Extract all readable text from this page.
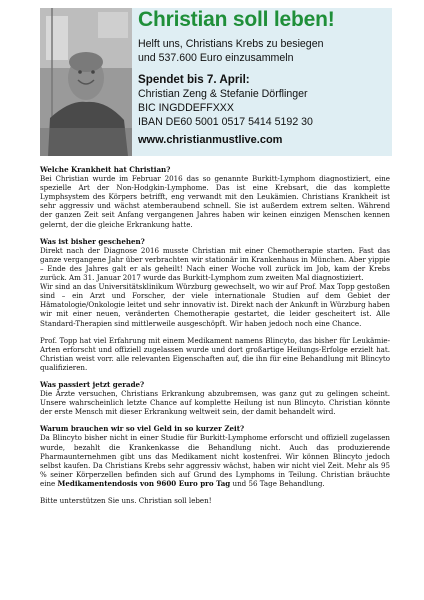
Christian soll leben!
Helft uns, Christians Krebs zu besiegen
und 537.600 Euro einzusammeln
Spendet bis 7. April:
Christian Zeng & Stefanie Dörflinger
BIC INGDDEFFXXX
IBAN DE60 5001 0517 5414 5192 30
www.christianmustlive.com
Welche Krankheit hat Christian?

Bei Christian wurde im Februar 2016 das so genannte Burkitt-Lymphom diagnostiziert, eine spezielle Art der Non-Hodgkin-Lymphome. Das ist eine Krebsart, die das komplette Lymphsystem des Körpers betrifft, eng verwandt mit den Leukämien. Christians Krankheit ist sehr aggressiv und wächst atemberaubend schnell. Sie ist außerdem extrem selten. Während der ganzen Zeit seit Anfang vergangenen Jahres haben wir keinen einzigen Menschen kennen gelernt, der die gleiche Erkrankung hatte.

Was ist bisher geschehen?

Direkt nach der Diagnose 2016 musste Christian mit einer Chemotherapie starten. Fast das ganze vergangene Jahr über verbrachten wir stationär im Krankenhaus in München. Aber yippie – Ende des Jahres galt er als geheilt! Nach einer Woche voll zurück im Job, kam der Krebs zurück. Am 31. Januar 2017 wurde das Burkitt-Lymphom zum zweiten Mal diagnostiziert.

Wir sind an das Universitätsklinikum Würzburg gewechselt, wo wir auf Prof. Max Topp gestoßen sind – ein Arzt und Forscher, der viele internationale Studien auf dem Gebiet der Hämatologie/Onkologie leitet und sehr innovativ ist. Direkt nach der Ankunft in Würzburg haben wir mit einer neuen, veränderten Chemotherapie gestartet, die leider gescheitert ist. Alle Standard-Therapien sind mittlerweile ausgeschöpft. Wir haben jedoch noch eine Chance.

Prof. Topp hat viel Erfahrung mit einem Medikament namens Blincyto, das bisher für Leukämie-Arten erforscht und offiziell zugelassen wurde und dort großartige Heilungs-Erfolge erzielt hat. Christian weist vorr. alle relevanten Eigenschaften auf, die ihn für eine Behandlung mit Blincyto qualifizieren.

Was passiert jetzt gerade?

Die Ärzte versuchen, Christians Erkrankung abzubremsen, was ganz gut zu gelingen scheint. Unsere wahrscheinlich letzte Chance auf komplette Heilung ist nun Blincyto. Christian könnte der erste Mensch mit dieser Erkrankung weltweit sein, der damit behandelt wird.

Warum brauchen wir so viel Geld in so kurzer Zeit?

Da Blincyto bisher nicht in einer Studie für Burkitt-Lymphome erforscht und offiziell zugelassen wurde, bezahlt die Krankenkasse die Behandlung nicht. Auch das produzierende Pharmaunternehmen gibt uns das Medikament nicht kostenfrei. Wir können Blincyto jedoch selbst kaufen. Da Christians Krebs sehr aggressiv wächst, haben wir nicht viel Zeit. Mehr als 95 % seiner Körperzellen befinden sich auf Grund des Lymphoms in Teilung. Christian bräuchte eine Medikamentendosis von 9600 Euro pro Tag und 56 Tage Behandlung.

Bitte unterstützen Sie uns. Christian soll leben!
